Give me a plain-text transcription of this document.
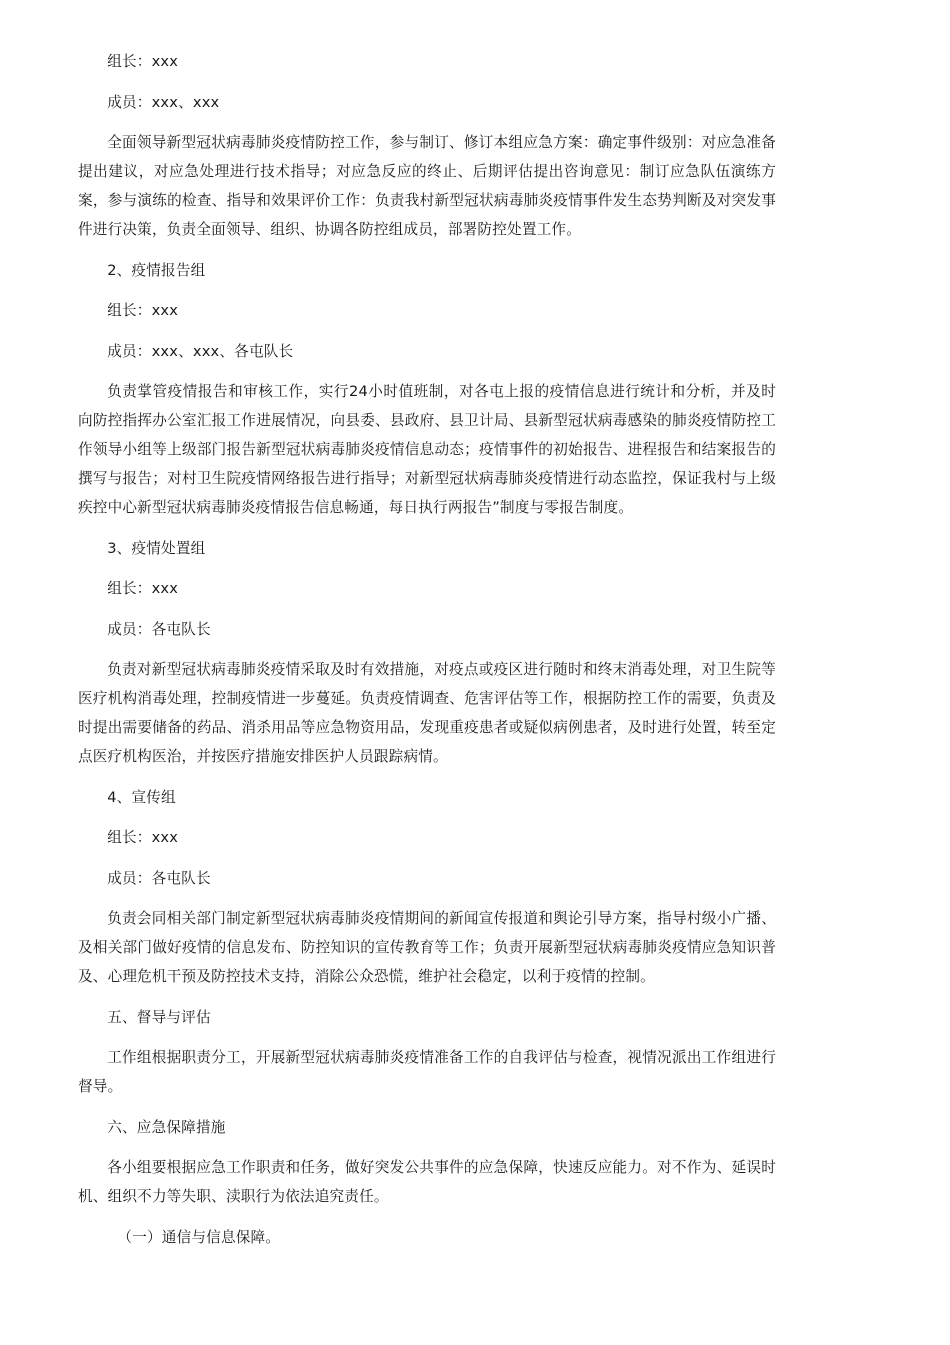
组长：xxx

成员：xxx、xxx

全面领导新型冠状病毒肺炎疫情防控工作，参与制订、修订本组应急方案：确定事件级别：对应急准备提出建议，对应急处理进行技术指导；对应急反应的终止、后期评估提出咨询意见：制订应急队伍演练方案，参与演练的检查、指导和效果评价工作：负责我村新型冠状病毒肺炎疫情事件发生态势判断及对突发事件进行决策，负责全面领导、组织、协调各防控组成员，部署防控处置工作。

2、疫情报告组

组长：xxx

成员：xxx、xxx、各屯队长

负责掌管疫情报告和审核工作，实行24小时值班制，对各屯上报的疫情信息进行统计和分析，并及时向防控指挥办公室汇报工作进展情况，向县委、县政府、县卫计局、县新型冠状病毒感染的肺炎疫情防控工作领导小组等上级部门报告新型冠状病毒肺炎疫情信息动态；疫情事件的初始报告、进程报告和结案报告的撰写与报告；对村卫生院疫情网络报告进行指导；对新型冠状病毒肺炎疫情进行动态监控，保证我村与上级疾控中心新型冠状病毒肺炎疫情报告信息畅通，每日执行两报告”制度与零报告制度。

3、疫情处置组

组长：xxx

成员：各屯队长

负责对新型冠状病毒肺炎疫情采取及时有效措施，对疫点或疫区进行随时和终末消毒处理，对卫生院等医疗机构消毒处理，控制疫情进一步蔓延。负责疫情调查、危害评估等工作，根据防控工作的需要，负责及时提出需要储备的药品、消杀用品等应急物资用品，发现重疫患者或疑似病例患者，及时进行处置，转至定点医疗机构医治，并按医疗措施安排医护人员跟踪病情。

4、宣传组

组长：xxx

成员：各屯队长

负责会同相关部门制定新型冠状病毒肺炎疫情期间的新闻宣传报道和舆论引导方案，指导村级小广播、及相关部门做好疫情的信息发布、防控知识的宣传教育等工作；负责开展新型冠状病毒肺炎疫情应急知识普及、心理危机干预及防控技术支持，消除公众恐慌，维护社会稳定，以利于疫情的控制。

五、督导与评估

工作组根据职责分工，开展新型冠状病毒肺炎疫情准备工作的自我评估与检查，视情况派出工作组进行督导。

六、应急保障措施

各小组要根据应急工作职责和任务，做好突发公共事件的应急保障，快速反应能力。对不作为、延误时机、组织不力等失职、渎职行为依法追究责任。

（一）通信与信息保障。
